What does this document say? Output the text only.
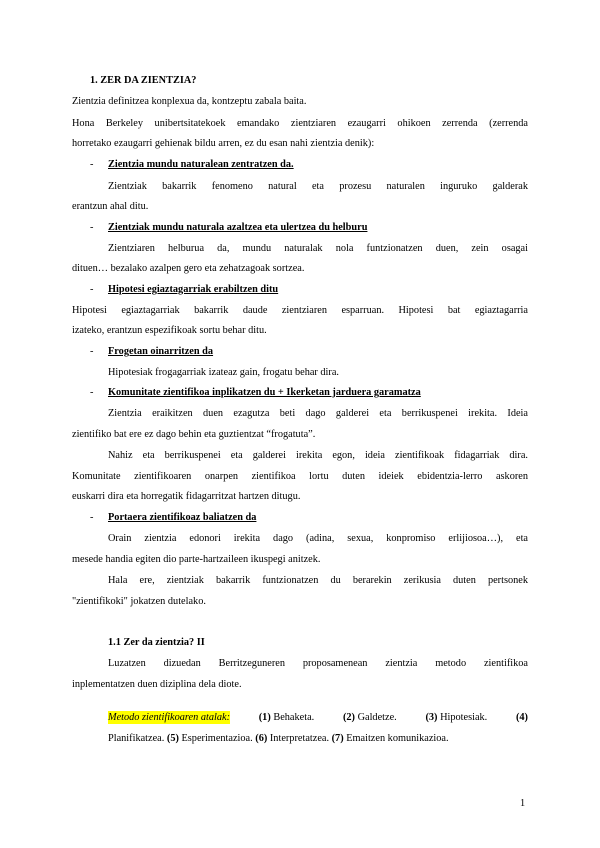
1. ZER DA ZIENTZIA?
Zientzia definitzea konplexua da, kontzeptu zabala baita.
Hona Berkeley unibertsitatekoek emandako zientziaren ezaugarri ohikoen zerrenda (zerrenda
horretako ezaugarri gehienak bildu arren, ez du esan nahi zientzia denik):
- Zientzia mundu naturalean zentratzen da.
Zientziak bakarrik fenomeno natural eta prozesu naturalen inguruko galderak
erantzun ahal ditu.
- Zientziak mundu naturala azaltzea eta ulertzea du helburu
Zientziaren helburua da, mundu naturalak nola funtzionatzen duen, zein osagai
dituen… bezalako azalpen gero eta zehatzagoak sortzea.
- Hipotesi egiaztagarriak erabiltzen ditu
Hipotesi egiaztagarriak bakarrik daude zientziaren esparruan. Hipotesi bat egiaztagarria
izateko, erantzun espezifikoak sortu behar ditu.
- Frogetan oinarritzen da
Hipotesiak frogagarriak izateaz gain, frogatu behar dira.
- Komunitate zientifikoa inplikatzen du + Ikerketan jarduera garamatza
Zientzia eraikitzen duen ezagutza beti dago galderei eta berrikuspenei irekita. Ideia
zientifiko bat ere ez dago behin eta guztientzat “frogatuta”.
Nahiz eta berrikuspenei eta galderei irekita egon, ideia zientifikoak fidagarriak dira.
Komunitate zientifikoaren onarpen zientifikoa lortu duten ideiek ebidentzia-lerro askoren
euskarri dira eta horregatik fidagarritzat hartzen ditugu.
- Portaera zientifikoaz baliatzen da
Orain zientzia edonori irekita dago (adina, sexua, konpromiso erlijiosoa…), eta
mesede handia egiten dio parte-hartzaileen ikuspegi anitzek.
Hala ere, zientziak bakarrik funtzionatzen du berarekin zerikusia duten pertsonek
"zientifikoki" jokatzen dutelako.
1.1 Zer da zientzia? II
Luzatzen dizuedan Berritzeguneren proposamenean zientzia metodo zientifikoa
inplementatzen duen diziplina dela diote.
Metodo zientifikoaren atalak:	(1) Behaketa.	(2) Galdetze.	(3) Hipotesiak.	(4)
Planifikatzea. (5) Esperimentazioa. (6) Interpretatzea. (7) Emaitzen komunikazioa.
1
